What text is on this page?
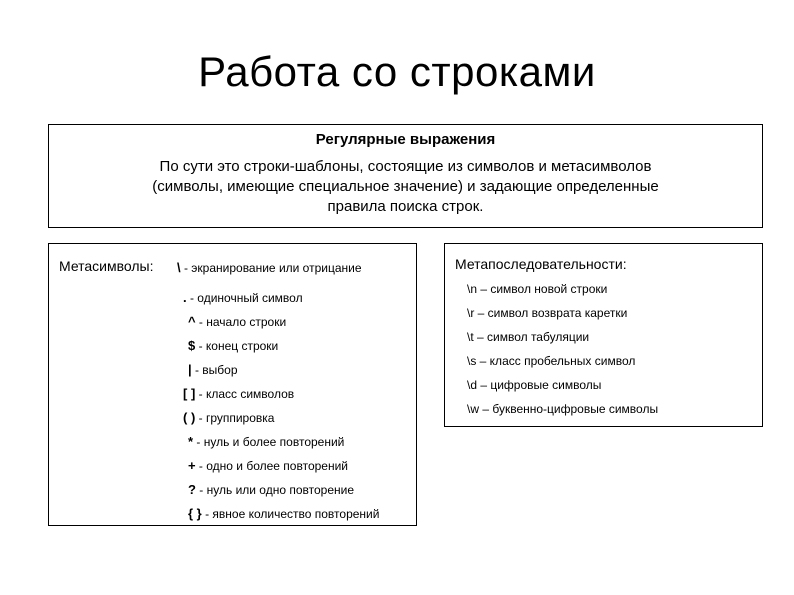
Работа со строками
Регулярные выражения
По сути это строки-шаблоны, состоящие из символов и метасимволов
(символы, имеющие специальное значение) и задающие определенные
правила поиска строк.
Метасимволы: \ - экранирование или отрицание
. - одиночный символ
^ - начало строки
$ - конец строки
| - выбор
[ ] - класс символов
( ) - группировка
* - нуль и более повторений
+ - одно и более повторений
? - нуль или одно повторение
{ } - явное количество повторений
Метапоследовательности:
\n – символ новой строки
\r – символ возврата каретки
\t – символ табуляции
\s – класс пробельных символ
\d – цифровые символы
\w – буквенно-цифровые символы
